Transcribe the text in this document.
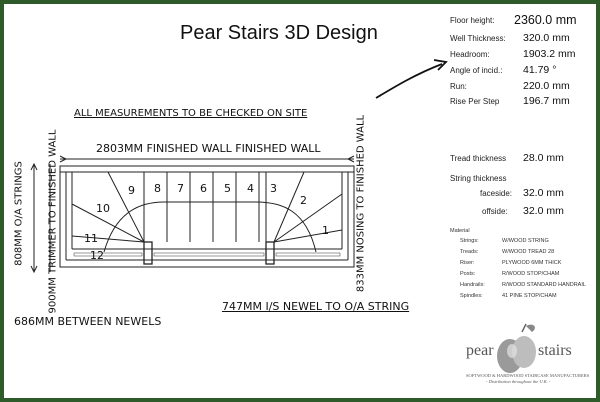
Pear Stairs 3D Design
ALL MEASUREMENTS TO BE CHECKED ON SITE
2803MM FINISHED WALL FINISHED WALL
808MM O/A STRINGS 900MM TRIMMER TO FINISHED WALL	833MM NOSING TO FINISHED WALL
686MM BETWEEN NEWELS
747MM I/S NEWEL TO O/A STRING
1
2
3
4
5
6
7
8
9
10
11
12
Floor height: 2360.0 mm
Well Thickness: 320.0 mm
Headroom:	1903.2 mm
Angle of incid.: 41.79 °
Run:	220.0 mm
Rise Per Step 196.7 mm
Tread thickness 28.0 mm
String thickness
faceside: 32.0 mm
offside: 32.0 mm
Material
Strings:	W/WOOD STRING
Treads:	W/WOOD TREAD 28
Riser:	PLYWOOD 6MM THICK
Posts:	R/WOOD STOP/CHAM
Handrails:	R/WOOD STANDARD HANDRAIL
Spindles:	41 PINE STOP/CHAM
pear	stairs
SOFTWOOD & HARDWOOD STAIRCASE MANUFACTURERS
- Distribution throughout the U.K. -
